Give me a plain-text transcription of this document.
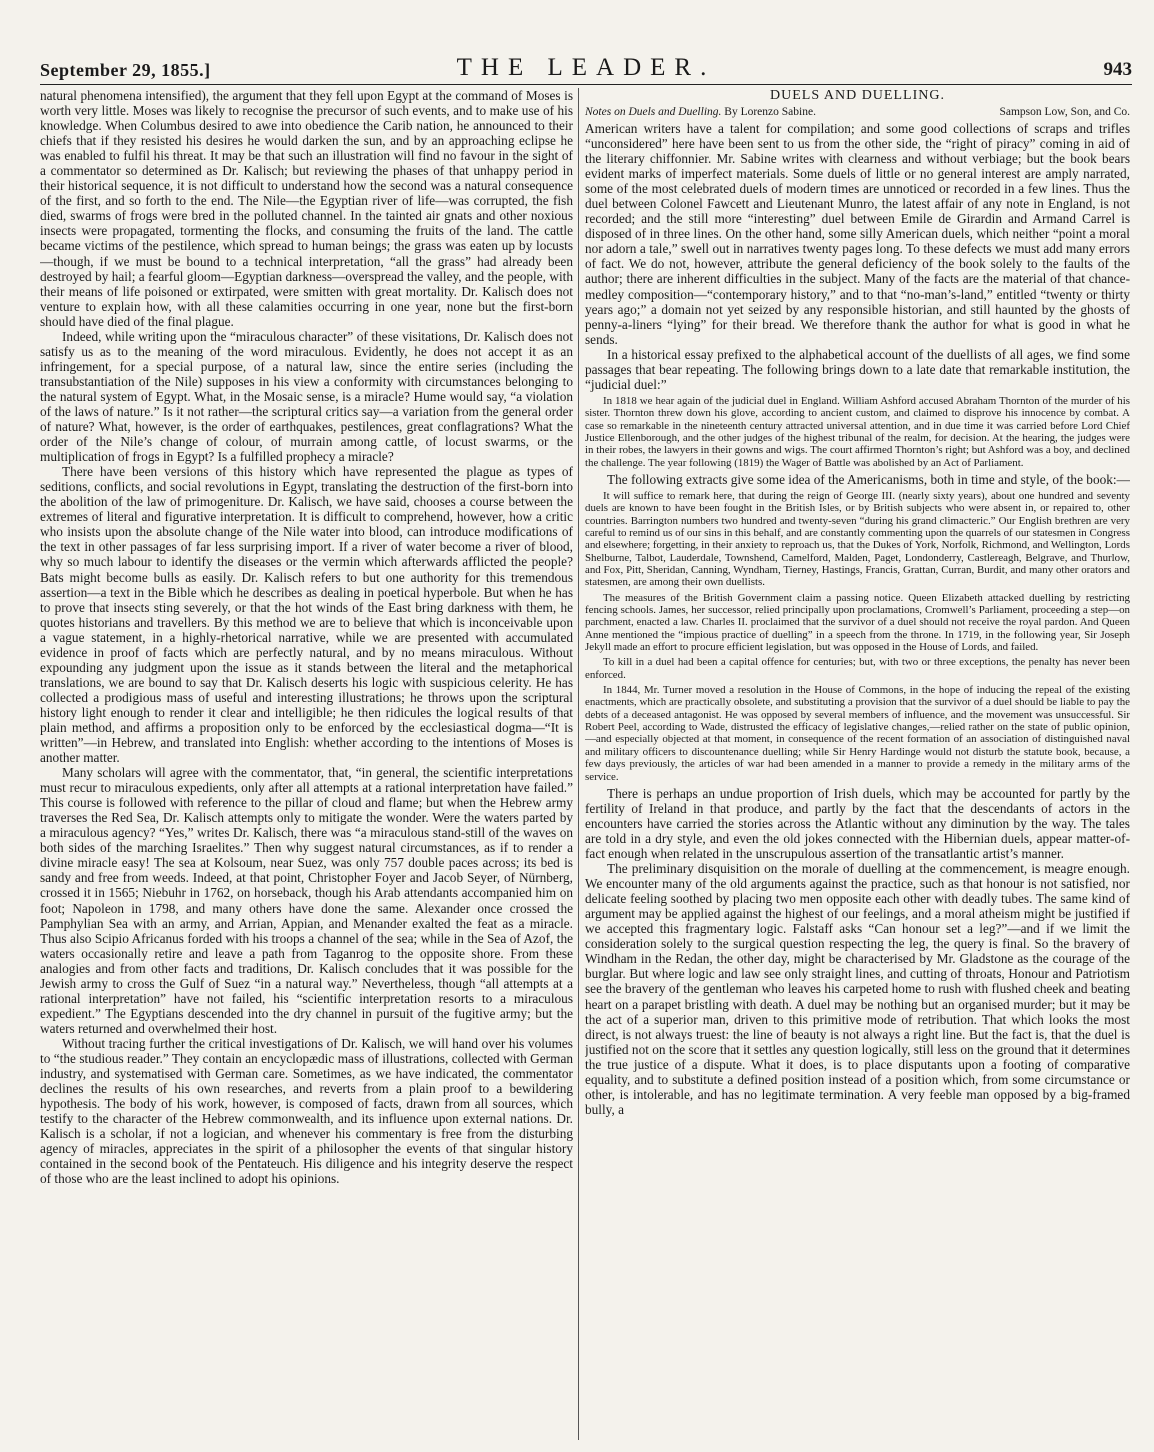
September 29, 1855.]	THE LEADER.	943

natural phenomena intensified), the argument that they fell upon Egypt at the command of Moses is worth very little. Moses was likely to recognise the precursor of such events, and to make use of his knowledge. When Columbus desired to awe into obedience the Carib nation, he announced to their chiefs that if they resisted his desires he would darken the sun, and by an approaching eclipse he was enabled to fulfil his threat. It may be that such an illustration will find no favour in the sight of a commentator so determined as Dr. Kalisch; but reviewing the phases of that unhappy period in their historical sequence, it is not difficult to understand how the second was a natural consequence of the first, and so forth to the end. The Nile—the Egyptian river of life—was corrupted, the fish died, swarms of frogs were bred in the polluted channel. In the tainted air gnats and other noxious insects were propagated, tormenting the flocks, and consuming the fruits of the land. The cattle became victims of the pestilence, which spread to human beings; the grass was eaten up by locusts—though, if we must be bound to a technical interpretation, “all the grass” had already been destroyed by hail; a fearful gloom—Egyptian darkness—overspread the valley, and the people, with their means of life poisoned or extirpated, were smitten with great mortality. Dr. Kalisch does not venture to explain how, with all these calamities occurring in one year, none but the first-born should have died of the final plague.

Indeed, while writing upon the “miraculous character” of these visitations, Dr. Kalisch does not satisfy us as to the meaning of the word miraculous. Evidently, he does not accept it as an infringement, for a special purpose, of a natural law, since the entire series (including the transubstantiation of the Nile) supposes in his view a conformity with circumstances belonging to the natural system of Egypt. What, in the Mosaic sense, is a miracle? Hume would say, “a violation of the laws of nature.” Is it not rather—the scriptural critics say—a variation from the general order of nature? What, however, is the order of earthquakes, pestilences, great conflagrations? What the order of the Nile’s change of colour, of murrain among cattle, of locust swarms, or the multiplication of frogs in Egypt? Is a fulfilled prophecy a miracle?

There have been versions of this history which have represented the plague as types of seditions, conflicts, and social revolutions in Egypt, translating the destruction of the first-born into the abolition of the law of primogeniture. Dr. Kalisch, we have said, chooses a course between the extremes of literal and figurative interpretation. It is difficult to comprehend, however, how a critic who insists upon the absolute change of the Nile water into blood, can introduce modifications of the text in other passages of far less surprising import. If a river of water become a river of blood, why so much labour to identify the diseases or the vermin which afterwards afflicted the people? Bats might become bulls as easily. Dr. Kalisch refers to but one authority for this tremendous assertion—a text in the Bible which he describes as dealing in poetical hyperbole. But when he has to prove that insects sting severely, or that the hot winds of the East bring darkness with them, he quotes historians and travellers. By this method we are to believe that which is inconceivable upon a vague statement, in a highly-rhetorical narrative, while we are presented with accumulated evidence in proof of facts which are perfectly natural, and by no means miraculous. Without expounding any judgment upon the issue as it stands between the literal and the metaphorical translations, we are bound to say that Dr. Kalisch deserts his logic with suspicious celerity. He has collected a prodigious mass of useful and interesting illustrations; he throws upon the scriptural history light enough to render it clear and intelligible; he then ridicules the logical results of that plain method, and affirms a proposition only to be enforced by the ecclesiastical dogma—“It is written”—in Hebrew, and translated into English: whether according to the intentions of Moses is another matter.

Many scholars will agree with the commentator, that, “in general, the scientific interpretations must recur to miraculous expedients, only after all attempts at a rational interpretation have failed.” This course is followed with reference to the pillar of cloud and flame; but when the Hebrew army traverses the Red Sea, Dr. Kalisch attempts only to mitigate the wonder. Were the waters parted by a miraculous agency? “Yes,” writes Dr. Kalisch, there was “a miraculous stand-still of the waves on both sides of the marching Israelites.” Then why suggest natural circumstances, as if to render a divine miracle easy! The sea at Kolsoum, near Suez, was only 757 double paces across; its bed is sandy and free from weeds. Indeed, at that point, Christopher Foyer and Jacob Seyer, of Nürnberg, crossed it in 1565; Niebuhr in 1762, on horseback, though his Arab attendants accompanied him on foot; Napoleon in 1798, and many others have done the same. Alexander once crossed the Pamphylian Sea with an army, and Arrian, Appian, and Menander exalted the feat as a miracle. Thus also Scipio Africanus forded with his troops a channel of the sea; while in the Sea of Azof, the waters occasionally retire and leave a path from Taganrog to the opposite shore. From these analogies and from other facts and traditions, Dr. Kalisch concludes that it was possible for the Jewish army to cross the Gulf of Suez “in a natural way.” Nevertheless, though “all attempts at a rational interpretation” have not failed, his “scientific interpretation resorts to a miraculous expedient.” The Egyptians descended into the dry channel in pursuit of the fugitive army; but the waters returned and overwhelmed their host.

Without tracing further the critical investigations of Dr. Kalisch, we will hand over his volumes to “the studious reader.” They contain an encyclopædic mass of illustrations, collected with German industry, and systematised with German care. Sometimes, as we have indicated, the commentator declines the results of his own researches, and reverts from a plain proof to a bewildering hypothesis. The body of his work, however, is composed of facts, drawn from all sources, which testify to the character of the Hebrew commonwealth, and its influence upon external nations. Dr. Kalisch is a scholar, if not a logician, and whenever his commentary is free from the disturbing agency of miracles, appreciates in the spirit of a philosopher the events of that singular history contained in the second book of the Pentateuch. His diligence and his integrity deserve the respect of those who are the least inclined to adopt his opinions.

DUELS AND DUELLING.

Notes on Duels and Duelling. By Lorenzo Sabine.	Sampson Low, Son, and Co.

American writers have a talent for compilation; and some good collections of scraps and trifles “unconsidered” here have been sent to us from the other side, the “right of piracy” coming in aid of the literary chiffonnier. Mr. Sabine writes with clearness and without verbiage; but the book bears evident marks of imperfect materials. Some duels of little or no general interest are amply narrated, some of the most celebrated duels of modern times are unnoticed or recorded in a few lines. Thus the duel between Colonel Fawcett and Lieutenant Munro, the latest affair of any note in England, is not recorded; and the still more “interesting” duel between Emile de Girardin and Armand Carrel is disposed of in three lines. On the other hand, some silly American duels, which neither “point a moral nor adorn a tale,” swell out in narratives twenty pages long. To these defects we must add many errors of fact. We do not, however, attribute the general deficiency of the book solely to the faults of the author; there are inherent difficulties in the subject. Many of the facts are the material of that chance-medley composition—“contemporary history,” and to that “no-man’s-land,” entitled “twenty or thirty years ago;” a domain not yet seized by any responsible historian, and still haunted by the ghosts of penny-a-liners “lying” for their bread. We therefore thank the author for what is good in what he sends.

In a historical essay prefixed to the alphabetical account of the duellists of all ages, we find some passages that bear repeating. The following brings down to a late date that remarkable institution, the “judicial duel:”

In 1818 we hear again of the judicial duel in England. William Ashford accused Abraham Thornton of the murder of his sister. Thornton threw down his glove, according to ancient custom, and claimed to disprove his innocence by combat. A case so remarkable in the nineteenth century attracted universal attention, and in due time it was carried before Lord Chief Justice Ellenborough, and the other judges of the highest tribunal of the realm, for decision. At the hearing, the judges were in their robes, the lawyers in their gowns and wigs. The court affirmed Thornton’s right; but Ashford was a boy, and declined the challenge. The year following (1819) the Wager of Battle was abolished by an Act of Parliament.

The following extracts give some idea of the Americanisms, both in time and style, of the book:—

It will suffice to remark here, that during the reign of George III. (nearly sixty years), about one hundred and seventy duels are known to have been fought in the British Isles, or by British subjects who were absent in, or repaired to, other countries. Barrington numbers two hundred and twenty-seven “during his grand climacteric.” Our English brethren are very careful to remind us of our sins in this behalf, and are constantly commenting upon the quarrels of our statesmen in Congress and elsewhere; forgetting, in their anxiety to reproach us, that the Dukes of York, Norfolk, Richmond, and Wellington, Lords Shelburne, Talbot, Lauderdale, Townshend, Camelford, Malden, Paget, Londonderry, Castlereagh, Belgrave, and Thurlow, and Fox, Pitt, Sheridan, Canning, Wyndham, Tierney, Hastings, Francis, Grattan, Curran, Burdit, and many other orators and statesmen, are among their own duellists.

The measures of the British Government claim a passing notice. Queen Elizabeth attacked duelling by restricting fencing schools. James, her successor, relied principally upon proclamations, Cromwell’s Parliament, proceeding a step—on parchment, enacted a law. Charles II. proclaimed that the survivor of a duel should not receive the royal pardon. And Queen Anne mentioned the “impious practice of duelling” in a speech from the throne. In 1719, in the following year, Sir Joseph Jekyll made an effort to procure efficient legislation, but was opposed in the House of Lords, and failed.

To kill in a duel had been a capital offence for centuries; but, with two or three exceptions, the penalty has never been enforced.

In 1844, Mr. Turner moved a resolution in the House of Commons, in the hope of inducing the repeal of the existing enactments, which are practically obsolete, and substituting a provision that the survivor of a duel should be liable to pay the debts of a deceased antagonist. He was opposed by several members of influence, and the movement was unsuccessful. Sir Robert Peel, according to Wade, distrusted the efficacy of legislative changes,—relied rather on the state of public opinion,—and especially objected at that moment, in consequence of the recent formation of an association of distinguished naval and military officers to discountenance duelling; while Sir Henry Hardinge would not disturb the statute book, because, a few days previously, the articles of war had been amended in a manner to provide a remedy in the military arms of the service.

There is perhaps an undue proportion of Irish duels, which may be accounted for partly by the fertility of Ireland in that produce, and partly by the fact that the descendants of actors in the encounters have carried the stories across the Atlantic without any diminution by the way. The tales are told in a dry style, and even the old jokes connected with the Hibernian duels, appear matter-of-fact enough when related in the unscrupulous assertion of the transatlantic artist’s manner.

The preliminary disquisition on the morale of duelling at the commencement, is meagre enough. We encounter many of the old arguments against the practice, such as that honour is not satisfied, nor delicate feeling soothed by placing two men opposite each other with deadly tubes. The same kind of argument may be applied against the highest of our feelings, and a moral atheism might be justified if we accepted this fragmentary logic. Falstaff asks “Can honour set a leg?”—and if we limit the consideration solely to the surgical question respecting the leg, the query is final. So the bravery of Windham in the Redan, the other day, might be characterised by Mr. Gladstone as the courage of the burglar. But where logic and law see only straight lines, and cutting of throats, Honour and Patriotism see the bravery of the gentleman who leaves his carpeted home to rush with flushed cheek and beating heart on a parapet bristling with death. A duel may be nothing but an organised murder; but it may be the act of a superior man, driven to this primitive mode of retribution. That which looks the most direct, is not always truest: the line of beauty is not always a right line. But the fact is, that the duel is justified not on the score that it settles any question logically, still less on the ground that it determines the true justice of a dispute. What it does, is to place disputants upon a footing of comparative equality, and to substitute a defined position instead of a position which, from some circumstance or other, is intolerable, and has no legitimate termination. A very feeble man opposed by a big-framed bully, a
